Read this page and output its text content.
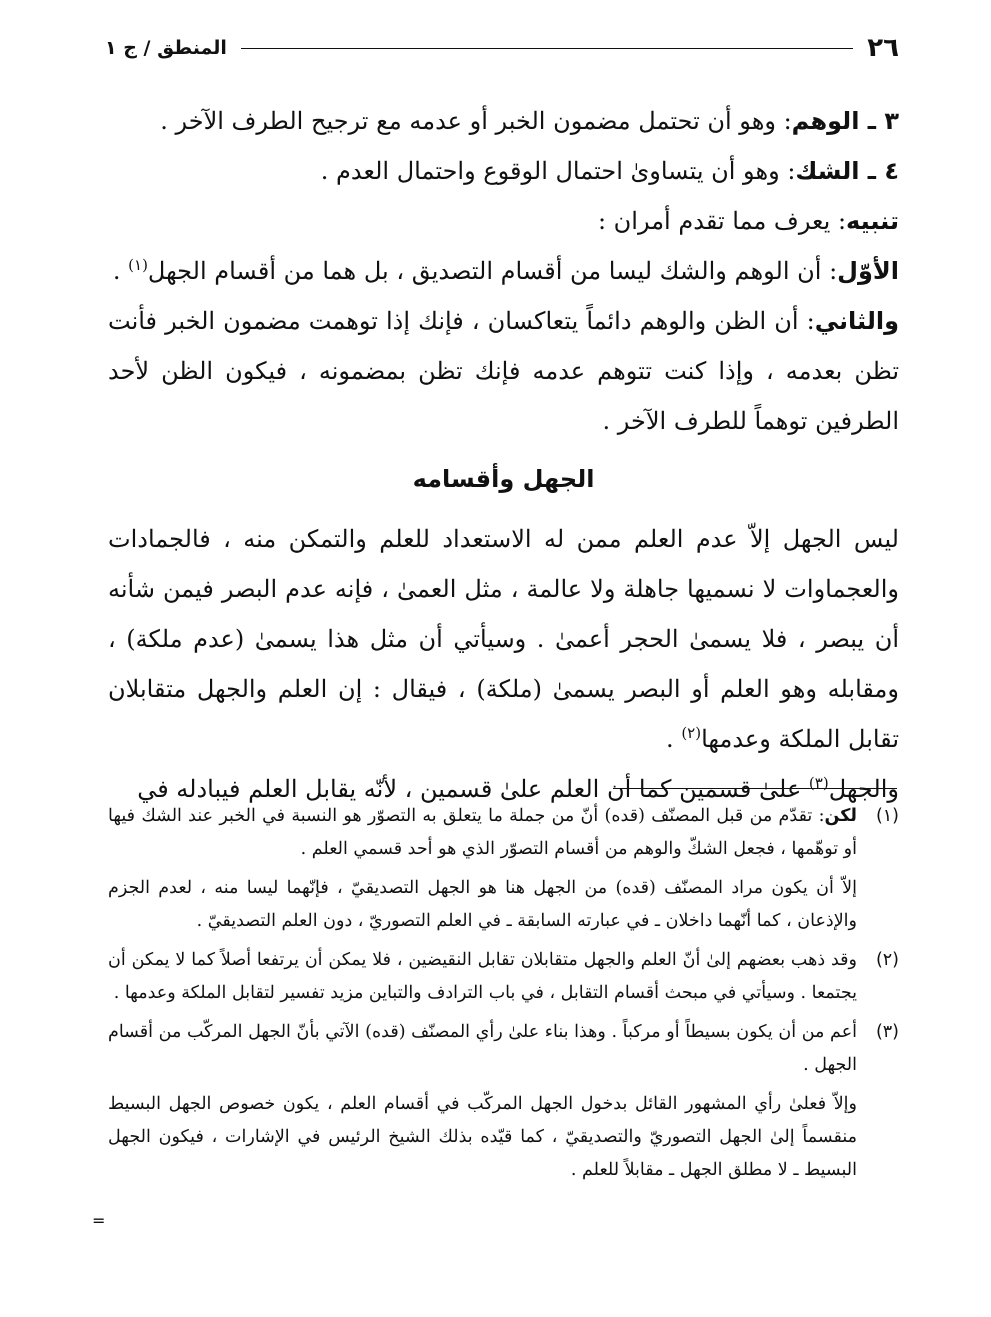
٢٦
المنطق / ج ١

٣ ـ الوهم: وهو أن تحتمل مضمون الخبر أو عدمه مع ترجيح الطرف الآخر .

٤ ـ الشك: وهو أن يتساوىٰ احتمال الوقوع واحتمال العدم .

تنبيه: يعرف مما تقدم أمران :

الأوّل: أن الوهم والشك ليسا من أقسام التصديق ، بل هما من أقسام الجهل$^{(١)}$ .

والثاني: أن الظن والوهم دائماً يتعاكسان ، فإنك إذا توهمت مضمون الخبر فأنت تظن بعدمه ، وإذا كنت تتوهم عدمه فإنك تظن بمضمونه ، فيكون الظن لأحد الطرفين توهماً للطرف الآخر .

الجهل وأقسامه

ليس الجهل إلاّ عدم العلم ممن له الاستعداد للعلم والتمكن منه ، فالجمادات والعجماوات لا نسميها جاهلة ولا عالمة ، مثل العمىٰ ، فإنه عدم البصر فيمن شأنه أن يبصر ، فلا يسمىٰ الحجر أعمىٰ . وسيأتي أن مثل هذا يسمىٰ (عدم ملكة) ، ومقابله وهو العلم أو البصر يسمىٰ (ملكة) ، فيقال : إن العلم والجهل متقابلان تقابل الملكة وعدمها$^{(٢)}$ .

والجهل$^{(٣)}$ علىٰ قسمين كما أن العلم علىٰ قسمين ، لأنّه يقابل العلم فيبادله في

(١)

لكن: تقدّم من قبل المصنّف (قده) أنّ من جملة ما يتعلق به التصوّر هو النسبة في الخبر عند الشك فيها أو توهّمها ، فجعل الشكّ والوهم من أقسام التصوّر الذي هو أحد قسمي العلم .

إلاّ أن يكون مراد المصنّف (قده) من الجهل هنا هو الجهل التصديقيّ ، فإنّهما ليسا منه ، لعدم الجزم والإذعان ، كما أنّهما داخلان ـ في عبارته السابقة ـ في العلم التصوريّ ، دون العلم التصديقيّ .

(٢)

وقد ذهب بعضهم إلىٰ أنّ العلم والجهل متقابلان تقابل النقيضين ، فلا يمكن أن يرتفعا أصلاً كما لا يمكن أن يجتمعا . وسيأتي في مبحث أقسام التقابل ، في باب الترادف والتباين مزيد تفسير لتقابل الملكة وعدمها .

(٣)

أعم من أن يكون بسيطاً أو مركباً . وهذا بناء علىٰ رأي المصنّف (قده) الآتي بأنّ الجهل المركّب من أقسام الجهل .

وإلاّ فعلىٰ رأي المشهور القائل بدخول الجهل المركّب في أقسام العلم ، يكون خصوص الجهل البسيط منقسماً إلىٰ الجهل التصوريّ والتصديقيّ ، كما قيّده بذلك الشيخ الرئيس في الإشارات ، فيكون الجهل البسيط ـ لا مطلق الجهل ـ مقابلاً للعلم .

=
